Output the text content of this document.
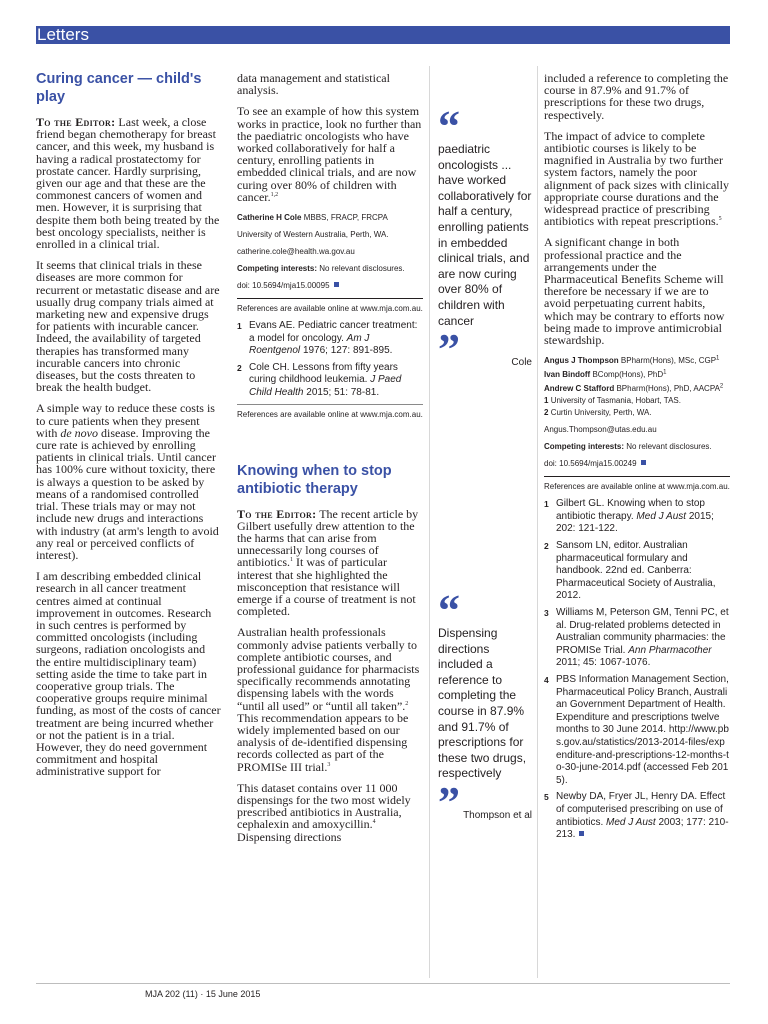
Letters
Curing cancer — child's play

To the Editor: Last week, a close friend began chemotherapy for breast cancer, and this week, my husband is having a radical prostatectomy for prostate cancer. Hardly surprising, given our age and that these are the commonest cancers of women and men. However, it is surprising that despite them both being treated by the best oncology specialists, neither is enrolled in a clinical trial.

It seems that clinical trials in these diseases are more common for recurrent or metastatic disease and are usually drug company trials aimed at marketing new and expensive drugs for patients with incurable cancer. Indeed, the availability of targeted therapies has transformed many incurable cancers into chronic diseases, but the costs threaten to break the health budget.

A simple way to reduce these costs is to cure patients when they present with de novo disease. Improving the cure rate is achieved by enrolling patients in clinical trials. Until cancer has 100% cure without toxicity, there is always a question to be asked by means of a randomised controlled trial. These trials may or may not include new drugs and interactions with industry (at arm's length to avoid any real or perceived conflicts of interest).

I am describing embedded clinical research in all cancer treatment centres aimed at continual improvement in outcomes. Research in such centres is performed by committed oncologists (including surgeons, radiation oncologists and the entire multidisciplinary team) setting aside the time to take part in cooperative group trials. The cooperative groups require minimal funding, as most of the costs of cancer treatment are being incurred whether or not the patient is in a trial. However, they do need government commitment and hospital administrative support for

data management and statistical analysis.

To see an example of how this system works in practice, look no further than the paediatric oncologists who have worked collaboratively for half a century, enrolling patients in embedded clinical trials, and are now curing over 80% of children with cancer.$^{1,2}$

Catherine H Cole MBBS, FRACP, FRCPA
University of Western Australia, Perth, WA.
catherine.cole@health.wa.gov.au
Competing interests: No relevant disclosures.
doi: 10.5694/mja15.00095
References are available online at www.mja.com.au.
1 Evans AE. Pediatric cancer treatment: a model for oncology. Am J Roentgenol 1976; 127: 891-895.
2 Cole CH. Lessons from fifty years curing childhood leukemia. J Paed Child Health 2015; 51: 78-81.
References are available online at www.mja.com.au.
Knowing when to stop antibiotic therapy

To the Editor: The recent article by Gilbert usefully drew attention to the the harms that can arise from unnecessarily long courses of antibiotics.$^1$ It was of particular interest that she highlighted the misconception that resistance will emerge if a course of treatment is not completed.

Australian health professionals commonly advise patients verbally to complete antibiotic courses, and professional guidance for pharmacists specifically recommends annotating dispensing labels with the words “until all used” or “until all taken”.$^2$ This recommendation appears to be widely implemented based on our analysis of de-identified dispensing records collected as part of the PROMISe III trial.$^3$

This dataset contains over 11 000 dispensings for the two most widely prescribed antibiotics in Australia, cephalexin and amoxycillin.$^4$ Dispensing directions

“
paediatric oncologists ... have worked collaboratively for half a century, enrolling patients in embedded clinical trials, and are now curing over 80% of children with cancer
”	Cole
“
Dispensing directions included a reference to completing the course in 87.9% and 91.7% of prescriptions for these two drugs, respectively
” Thompson et al

included a reference to completing the course in 87.9% and 91.7% of prescriptions for these two drugs, respectively.

The impact of advice to complete antibiotic courses is likely to be magnified in Australia by two further system factors, namely the poor alignment of pack sizes with clinically appropriate course durations and the widespread practice of prescribing antibiotics with repeat prescriptions.$^5$

A significant change in both professional practice and the arrangements under the Pharmaceutical Benefits Scheme will therefore be necessary if we are to avoid perpetuating current habits, which may be contrary to efforts now being made to improve antimicrobial stewardship.

Angus J Thompson BPharm(Hons), MSc, CGP$^1$
Ivan Bindoff BComp(Hons), PhD$^1$
Andrew C Stafford BPharm(Hons), PhD, AACPA$^2$
1 University of Tasmania, Hobart, TAS.
2 Curtin University, Perth, WA.
Angus.Thompson@utas.edu.au
Competing interests: No relevant disclosures.
doi: 10.5694/mja15.00249
References are available online at www.mja.com.au.
1 Gilbert GL. Knowing when to stop antibiotic therapy. Med J Aust 2015; 202: 121-122.
2 Sansom LN, editor. Australian pharmaceutical formulary and handbook. 22nd ed. Canberra: Pharmaceutical Society of Australia, 2012.
3 Williams M, Peterson GM, Tenni PC, et al. Drug-related problems detected in Australian community pharmacies: the PROMISe Trial. Ann Pharmacother 2011; 45: 1067-1076.
4 PBS Information Management Section, Pharmaceutical Policy Branch, Australian Government Department of Health. Expenditure and prescriptions twelve months to 30 June 2014. http://www.pbs.gov.au/statistics/2013-2014-files/expenditure-and-prescriptions-12-months-to-30-june-2014.pdf (accessed Feb 2015).
5 Newby DA, Fryer JL, Henry DA. Effect of computerised prescribing on use of antibiotics. Med J Aust 2003; 177: 210-213.
MJA 202 (11) · 15 June 2015
